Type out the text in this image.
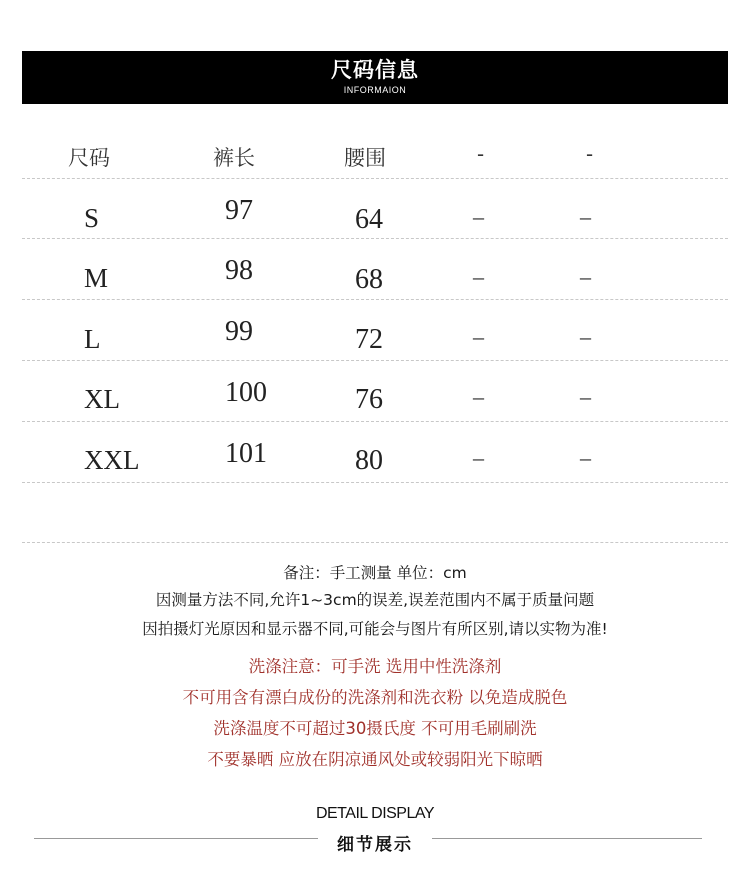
尺码信息
INFORMAION
尺码	裤长	腰围	-	-
S	97	64	–	–
M	98	68	–	–
L	99	72	–	–
XL	100	76	–	–
XXL	101	80	–	–
备注：手工测量 单位：cm
因测量方法不同,允许1~3cm的误差,误差范围内不属于质量问题
因拍摄灯光原因和显示器不同,可能会与图片有所区别,请以实物为准!
洗涤注意：可手洗 选用中性洗涤剂
不可用含有漂白成份的洗涤剂和洗衣粉 以免造成脱色
洗涤温度不可超过30摄氏度 不可用毛刷刷洗
不要暴晒 应放在阴凉通风处或较弱阳光下晾晒
DETAIL DISPLAY
细节展示
